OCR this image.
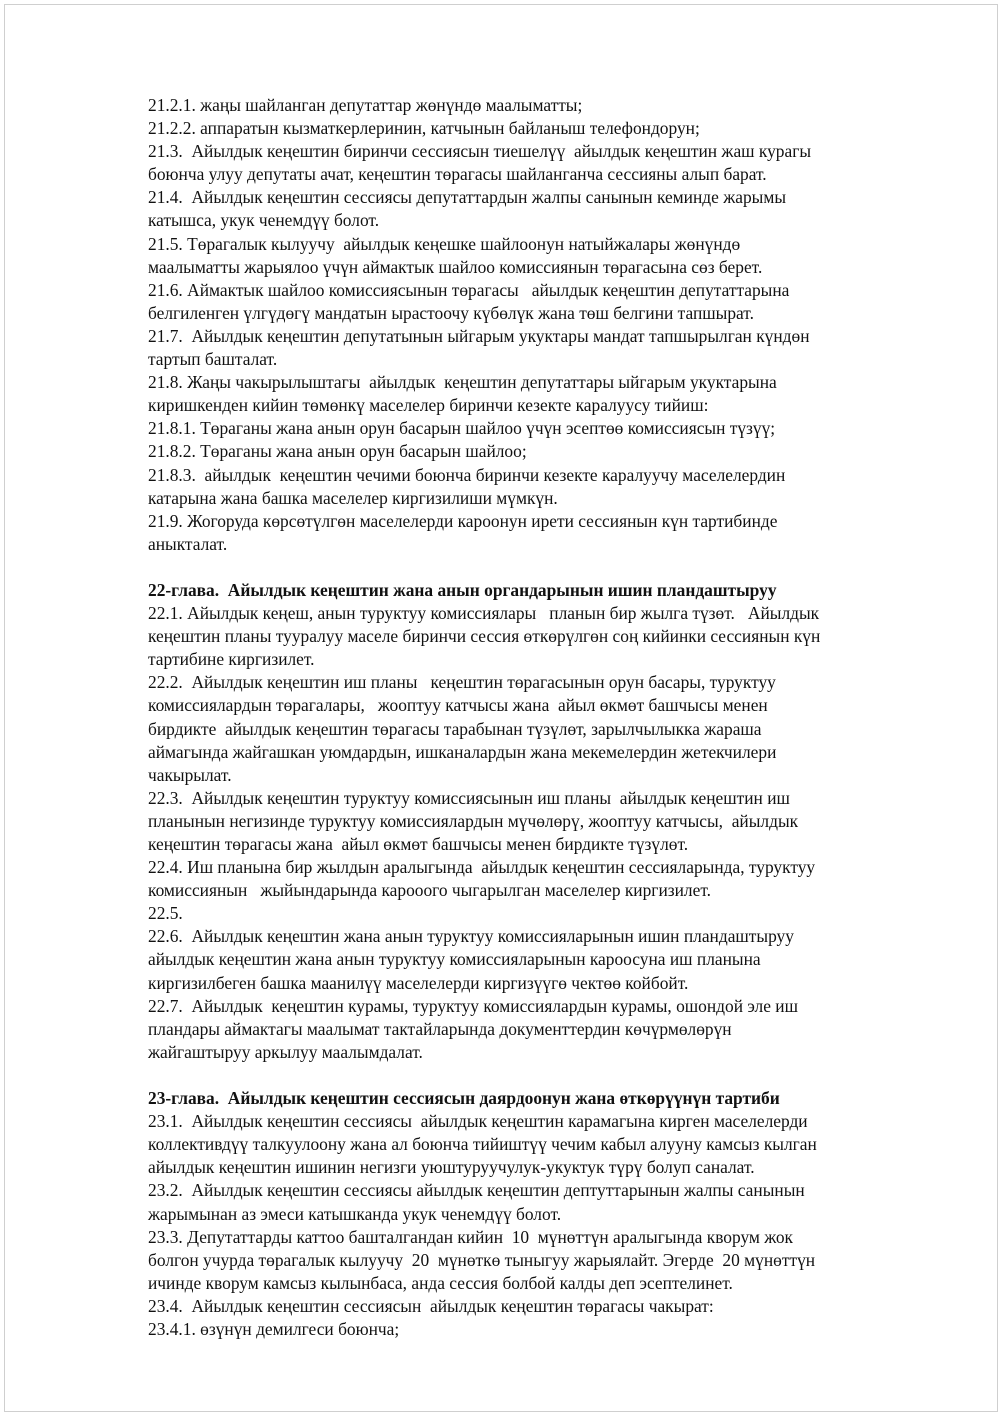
21.2.1. жаңы шайланган депутаттар жөнүндө маалыматты;
21.2.2. аппаратын кызматкерлеринин, катчынын байланыш телефондорун;
21.3.  Айылдык кеңештин биринчи сессиясын тиешелүү  айылдык кеңештин жаш курагы
боюнча улуу депутаты ачат, кеңештин төрагасы шайланганча сессияны алып барат.
21.4.  Айылдык кеңештин сессиясы депутаттардын жалпы санынын кеминде жарымы
катышса, укук ченемдүү болот.
21.5. Төрагалык кылуучу  айылдык кеңешке шайлоонун натыйжалары жөнүндө
маалыматты жарыялоо үчүн аймактык шайлоо комиссиянын төрагасына сөз берет.
21.6. Аймактык шайлоо комиссиясынын төрагасы   айылдык кеңештин депутаттарына
белгиленген үлгүдөгү мандатын ырастоочу күбөлүк жана төш белгини тапшырат.
21.7.  Айылдык кеңештин депутатынын ыйгарым укуктары мандат тапшырылган күндөн
тартып башталат.
21.8. Жаңы чакырылыштагы  айылдык  кеңештин депутаттары ыйгарым укуктарына
киришкенден кийин төмөнкү маселелер биринчи кезекте каралуусу тийиш:
21.8.1. Төраганы жана анын орун басарын шайлоо үчүн эсептөө комиссиясын түзүү;
21.8.2. Төраганы жана анын орун басарын шайлоо;
21.8.3.  айылдык  кеңештин чечими боюнча биринчи кезекте каралуучу маселелердин
катарына жана башка маселелер киргизилиши мүмкүн.
21.9. Жогоруда көрсөтүлгөн маселелерди кароонун ирети сессиянын күн тартибинде
аныкталат.
22-глава.  Айылдык кеңештин жана анын органдарынын ишин пландаштыруу
22.1. Айылдык кеңеш, анын туруктуу комиссиялары   планын бир жылга түзөт.   Айылдык
кеңештин планы тууралуу маселе биринчи сессия өткөрүлгөн соң кийинки сессиянын күн
тартибине киргизилет.
22.2.  Айылдык кеңештин иш планы   кеңештин төрагасынын орун басары, туруктуу
комиссиялардын төрагалары,   жооптуу катчысы жана  айыл өкмөт башчысы менен
бирдикте  айылдык кеңештин төрагасы тарабынан түзүлөт, зарылчылыкка жараша
аймагында жайгашкан уюмдардын, ишканалардын жана мекемелердин жетекчилери
чакырылат.
22.3.  Айылдык кеңештин туруктуу комиссиясынын иш планы  айылдык кеңештин иш
планынын негизинде туруктуу комиссиялардын мүчөлөрү, жооптуу катчысы,  айылдык
кеңештин төрагасы жана  айыл өкмөт башчысы менен бирдикте түзүлөт.
22.4. Иш планына бир жылдын аралыгында  айылдык кеңештин сессияларында, туруктуу
комиссиянын   жыйындарында карооого чыгарылган маселелер киргизилет.
22.5.
22.6.  Айылдык кеңештин жана анын туруктуу комиссияларынын ишин пландаштыруу
айылдык кеңештин жана анын туруктуу комиссияларынын кароосуна иш планына
киргизилбеген башка маанилүү маселелерди киргизүүгө чектөө койбойт.
22.7.  Айылдык  кеңештин курамы, туруктуу комиссиялардын курамы, ошондой эле иш
пландары аймактагы маалымат тактайларында документтердин көчүрмөлөрүн
жайгаштыруу аркылуу маалымдалат.
23-глава.  Айылдык кеңештин сессиясын даярдоонун жана өткөрүүнүн тартиби
23.1.  Айылдык кеңештин сессиясы  айылдык кеңештин карамагына кирген маселелерди
коллективдүү талкуулоону жана ал боюнча тийиштүү чечим кабыл алууну камсыз кылган
айылдык кеңештин ишинин негизги уюштуруучулук-укуктук түрү болуп саналат.
23.2.  Айылдык кеңештин сессиясы айылдык кеңештин дептуттарынын жалпы санынын
жарымынан аз эмеси катышканда укук ченемдүү болот.
23.3. Депутаттарды каттоо башталгандан кийин  10  мүнөттүн аралыгында кворум жок
болгон учурда төрагалык кылуучу  20  мүнөткө тыныгуу жарыялайт. Эгерде  20 мүнөттүн
ичинде кворум камсыз кылынбаса, анда сессия болбой калды деп эсептелинет.
23.4.  Айылдык кеңештин сессиясын  айылдык кеңештин төрагасы чакырат:
23.4.1. өзүнүн демилгеси боюнча;
